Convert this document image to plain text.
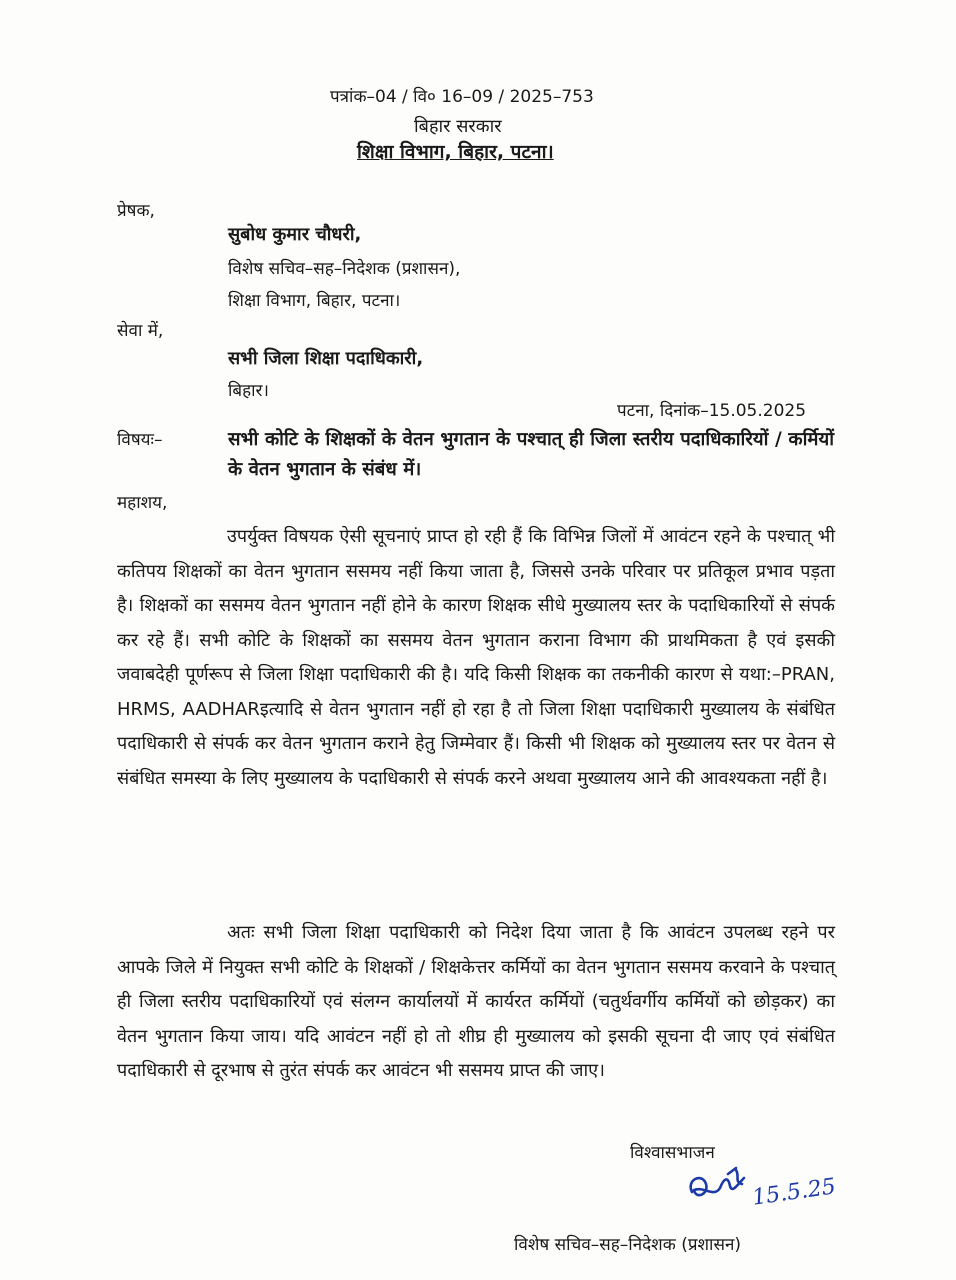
पत्रांक–04 / वि० 16–09 / 2025–753
बिहार सरकार
शिक्षा विभाग, बिहार, पटना।
प्रेषक,
सुबोध कुमार चौधरी,
विशेष सचिव–सह–निदेशक (प्रशासन),
शिक्षा विभाग, बिहार, पटना।
सेवा में,
सभी जिला शिक्षा पदाधिकारी,
बिहार।
पटना, दिनांक–15.05.2025
विषयः–	सभी कोटि के शिक्षकों के वेतन भुगतान के पश्चात् ही जिला स्तरीय पदाधिकारियों / कर्मियों के वेतन भुगतान के संबंध में।
महाशय,
उपर्युक्त विषयक ऐसी सूचनाएं प्राप्त हो रही हैं कि विभिन्न जिलों में आवंटन रहने के पश्चात् भी कतिपय शिक्षकों का वेतन भुगतान ससमय नहीं किया जाता है, जिससे उनके परिवार पर प्रतिकूल प्रभाव पड़ता है। शिक्षकों का ससमय वेतन भुगतान नहीं होने के कारण शिक्षक सीधे मुख्यालय स्तर के पदाधिकारियों से संपर्क कर रहे हैं। सभी कोटि के शिक्षकों का ससमय वेतन भुगतान कराना विभाग की प्राथमिकता है एवं इसकी जवाबदेही पूर्णरूप से जिला शिक्षा पदाधिकारी की है। यदि किसी शिक्षक का तकनीकी कारण से यथा:–PRAN, HRMS, AADHARइत्यादि से वेतन भुगतान नहीं हो रहा है तो जिला शिक्षा पदाधिकारी मुख्यालय के संबंधित पदाधिकारी से संपर्क कर वेतन भुगतान कराने हेतु जिम्मेवार हैं। किसी भी शिक्षक को मुख्यालय स्तर पर वेतन से संबंधित समस्या के लिए मुख्यालय के पदाधिकारी से संपर्क करने अथवा मुख्यालय आने की आवश्यकता नहीं है।
अतः सभी जिला शिक्षा पदाधिकारी को निदेश दिया जाता है कि आवंटन उपलब्ध रहने पर आपके जिले में नियुक्त सभी कोटि के शिक्षकों / शिक्षकेत्तर कर्मियों का वेतन भुगतान ससमय करवाने के पश्चात् ही जिला स्तरीय पदाधिकारियों एवं संलग्न कार्यालयों में कार्यरत कर्मियों (चतुर्थवर्गीय कर्मियों को छोड़कर) का वेतन भुगतान किया जाय। यदि आवंटन नहीं हो तो शीघ्र ही मुख्यालय को इसकी सूचना दी जाए एवं संबंधित पदाधिकारी से दूरभाष से तुरंत संपर्क कर आवंटन भी ससमय प्राप्त की जाए।
विश्वासभाजन
15.5.25
विशेष सचिव–सह–निदेशक (प्रशासन)
